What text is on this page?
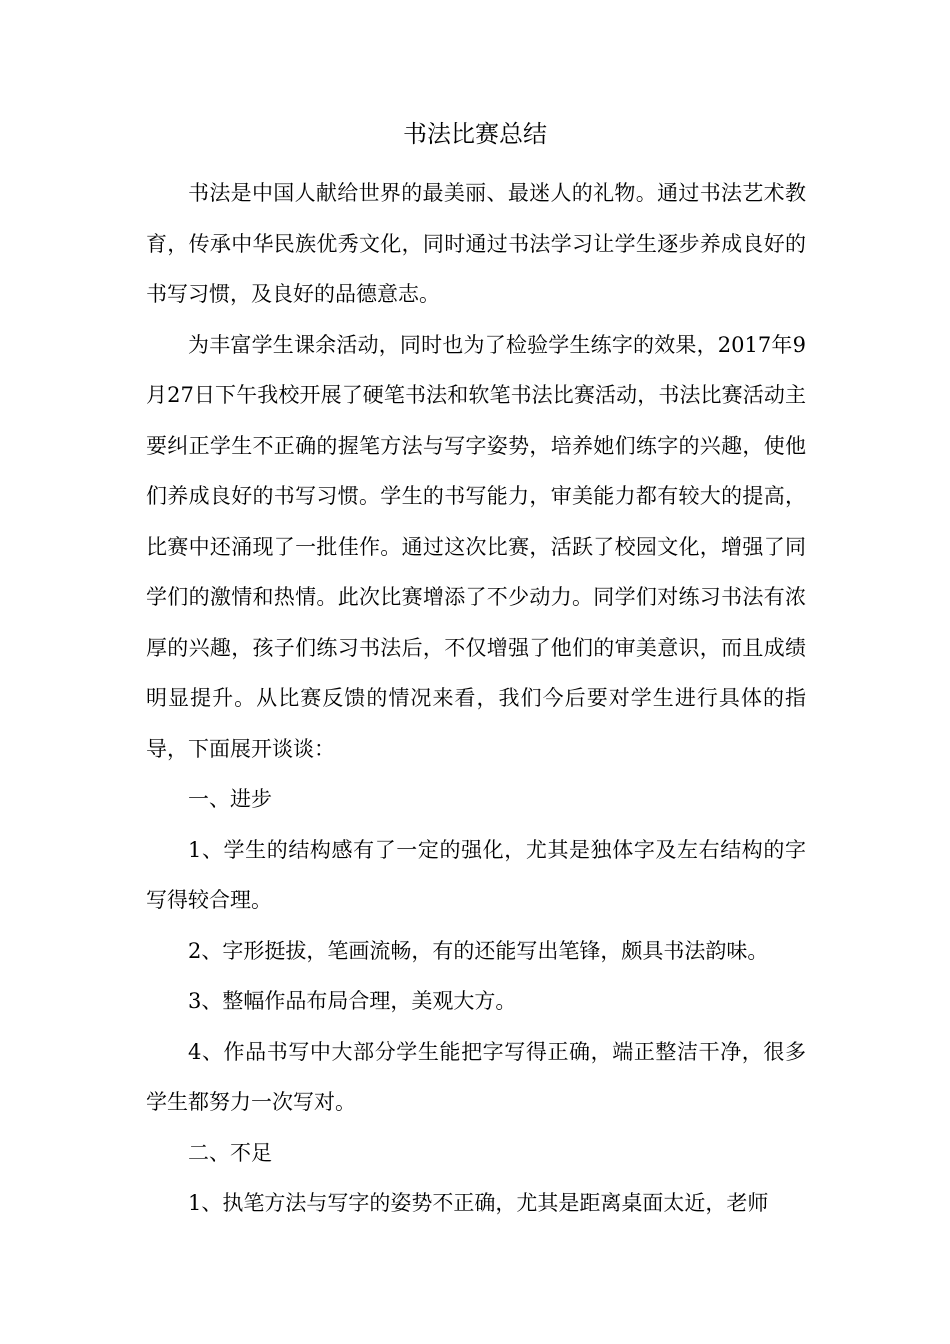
书法比赛总结

书法是中国人献给世界的最美丽、最迷人的礼物。通过书法艺术教育，传承中华民族优秀文化，同时通过书法学习让学生逐步养成良好的书写习惯，及良好的品德意志。

为丰富学生课余活动，同时也为了检验学生练字的效果，2017年9月27日下午我校开展了硬笔书法和软笔书法比赛活动，书法比赛活动主要纠正学生不正确的握笔方法与写字姿势，培养她们练字的兴趣，使他们养成良好的书写习惯。学生的书写能力，审美能力都有较大的提高，比赛中还涌现了一批佳作。通过这次比赛，活跃了校园文化，增强了同学们的激情和热情。此次比赛增添了不少动力。同学们对练习书法有浓厚的兴趣，孩子们练习书法后，不仅增强了他们的审美意识，而且成绩明显提升。从比赛反馈的情况来看，我们今后要对学生进行具体的指导，下面展开谈谈：

一、进步

1、学生的结构感有了一定的强化，尤其是独体字及左右结构的字写得较合理。

2、字形挺拔，笔画流畅，有的还能写出笔锋，颇具书法韵味。

3、整幅作品布局合理，美观大方。

4、作品书写中大部分学生能把字写得正确，端正整洁干净，很多学生都努力一次写对。

二、不足

1、执笔方法与写字的姿势不正确，尤其是距离桌面太近，老师
